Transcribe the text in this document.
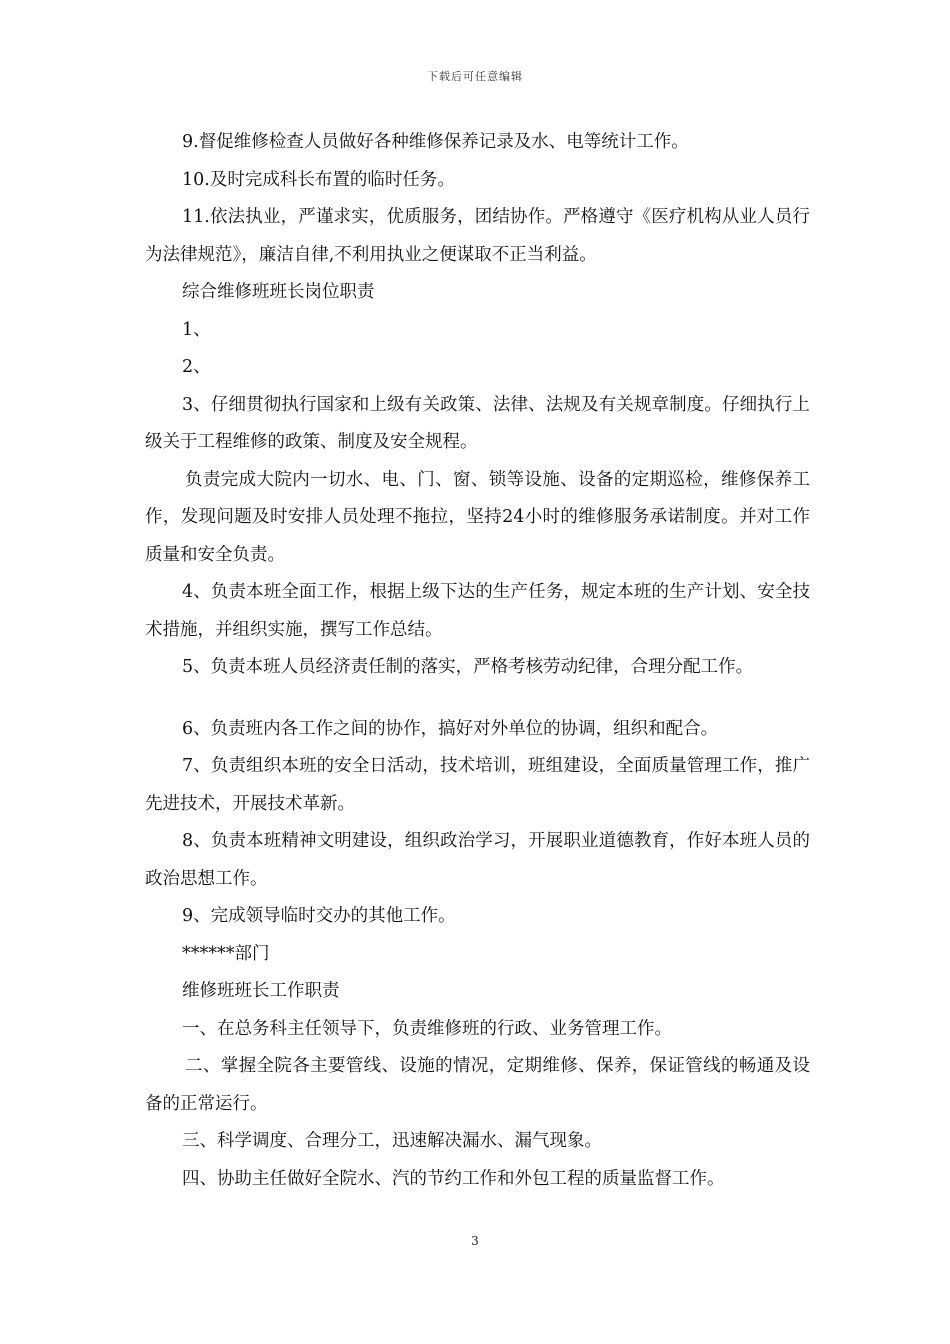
下载后可任意编辑

9.督促维修检查人员做好各种维修保养记录及水、电等统计工作。

10.及时完成科长布置的临时任务。

11.依法执业，严谨求实，优质服务，团结协作。严格遵守《医疗机构从业人员行为法律规范》，廉洁自律,不利用执业之便谋取不正当利益。

综合维修班班长岗位职责

1、

2、

3、仔细贯彻执行国家和上级有关政策、法律、法规及有关规章制度。仔细执行上级关于工程维修的政策、制度及安全规程。

负责完成大院内一切水、电、门、窗、锁等设施、设备的定期巡检，维修保养工作，发现问题及时安排人员处理不拖拉，坚持24小时的维修服务承诺制度。并对工作质量和安全负责。

4、负责本班全面工作，根据上级下达的生产任务，规定本班的生产计划、安全技术措施，并组织实施，撰写工作总结。

5、负责本班人员经济责任制的落实，严格考核劳动纪律，合理分配工作。

6、负责班内各工作之间的协作，搞好对外单位的协调，组织和配合。

7、负责组织本班的安全日活动，技术培训，班组建设，全面质量管理工作，推广先进技术，开展技术革新。

8、负责本班精神文明建设，组织政治学习，开展职业道德教育，作好本班人员的政治思想工作。

9、完成领导临时交办的其他工作。

******部门

维修班班长工作职责

一、在总务科主任领导下，负责维修班的行政、业务管理工作。

二、掌握全院各主要管线、设施的情况，定期维修、保养，保证管线的畅通及设备的正常运行。

三、科学调度、合理分工，迅速解决漏水、漏气现象。

四、协助主任做好全院水、汽的节约工作和外包工程的质量监督工作。

3
